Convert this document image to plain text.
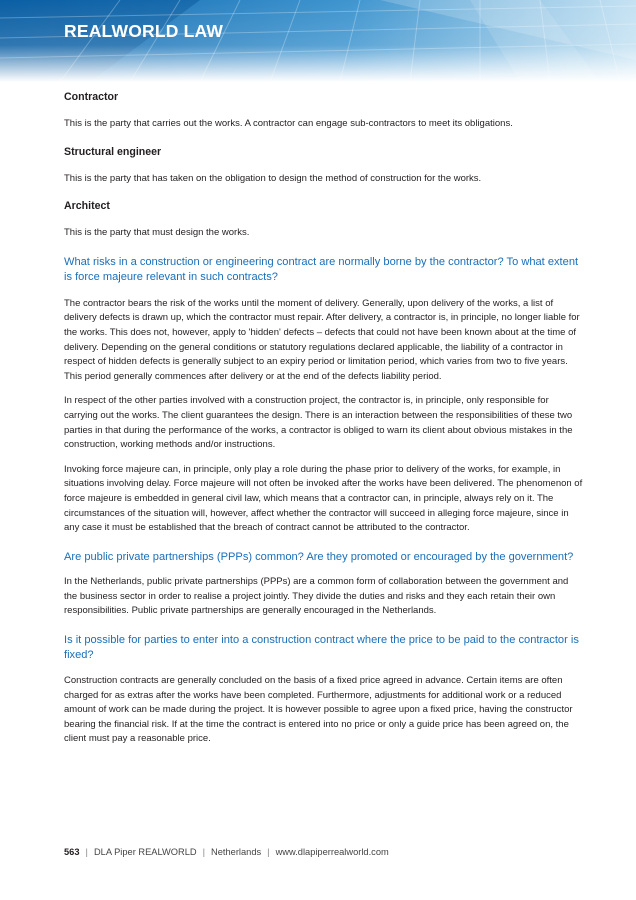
REALWORLD LAW

Contractor

This is the party that carries out the works. A contractor can engage sub-contractors to meet its obligations.

Structural engineer

This is the party that has taken on the obligation to design the method of construction for the works.

Architect

This is the party that must design the works.

What risks in a construction or engineering contract are normally borne by the contractor? To what extent is force majeure relevant in such contracts?

The contractor bears the risk of the works until the moment of delivery. Generally, upon delivery of the works, a list of delivery defects is drawn up, which the contractor must repair. After delivery, a contractor is, in principle, no longer liable for the works. This does not, however, apply to 'hidden' defects – defects that could not have been known about at the time of delivery. Depending on the general conditions or statutory regulations declared applicable, the liability of a contractor in respect of hidden defects is generally subject to an expiry period or limitation period, which varies from two to five years. This period generally commences after delivery or at the end of the defects liability period.

In respect of the other parties involved with a construction project, the contractor is, in principle, only responsible for carrying out the works. The client guarantees the design. There is an interaction between the responsibilities of these two parties in that during the performance of the works, a contractor is obliged to warn its client about obvious mistakes in the construction, working methods and/or instructions.

Invoking force majeure can, in principle, only play a role during the phase prior to delivery of the works, for example, in situations involving delay. Force majeure will not often be invoked after the works have been delivered. The phenomenon of force majeure is embedded in general civil law, which means that a contractor can, in principle, always rely on it. The circumstances of the situation will, however, affect whether the contractor will succeed in alleging force majeure, since in any case it must be established that the breach of contract cannot be attributed to the contractor.

Are public private partnerships (PPPs) common? Are they promoted or encouraged by the government?

In the Netherlands, public private partnerships (PPPs) are a common form of collaboration between the government and the business sector in order to realise a project jointly. They divide the duties and risks and they each retain their own responsibilities. Public private partnerships are generally encouraged in the Netherlands.

Is it possible for parties to enter into a construction contract where the price to be paid to the contractor is fixed?

Construction contracts are generally concluded on the basis of a fixed price agreed in advance. Certain items are often charged for as extras after the works have been completed. Furthermore, adjustments for additional work or a reduced amount of work can be made during the project. It is however possible to agree upon a fixed price, having the constructor bearing the financial risk. If at the time the contract is entered into no price or only a guide price has been agreed on, the client must pay a reasonable price.

563 | DLA Piper REALWORLD | Netherlands | www.dlapiperrealworld.com
